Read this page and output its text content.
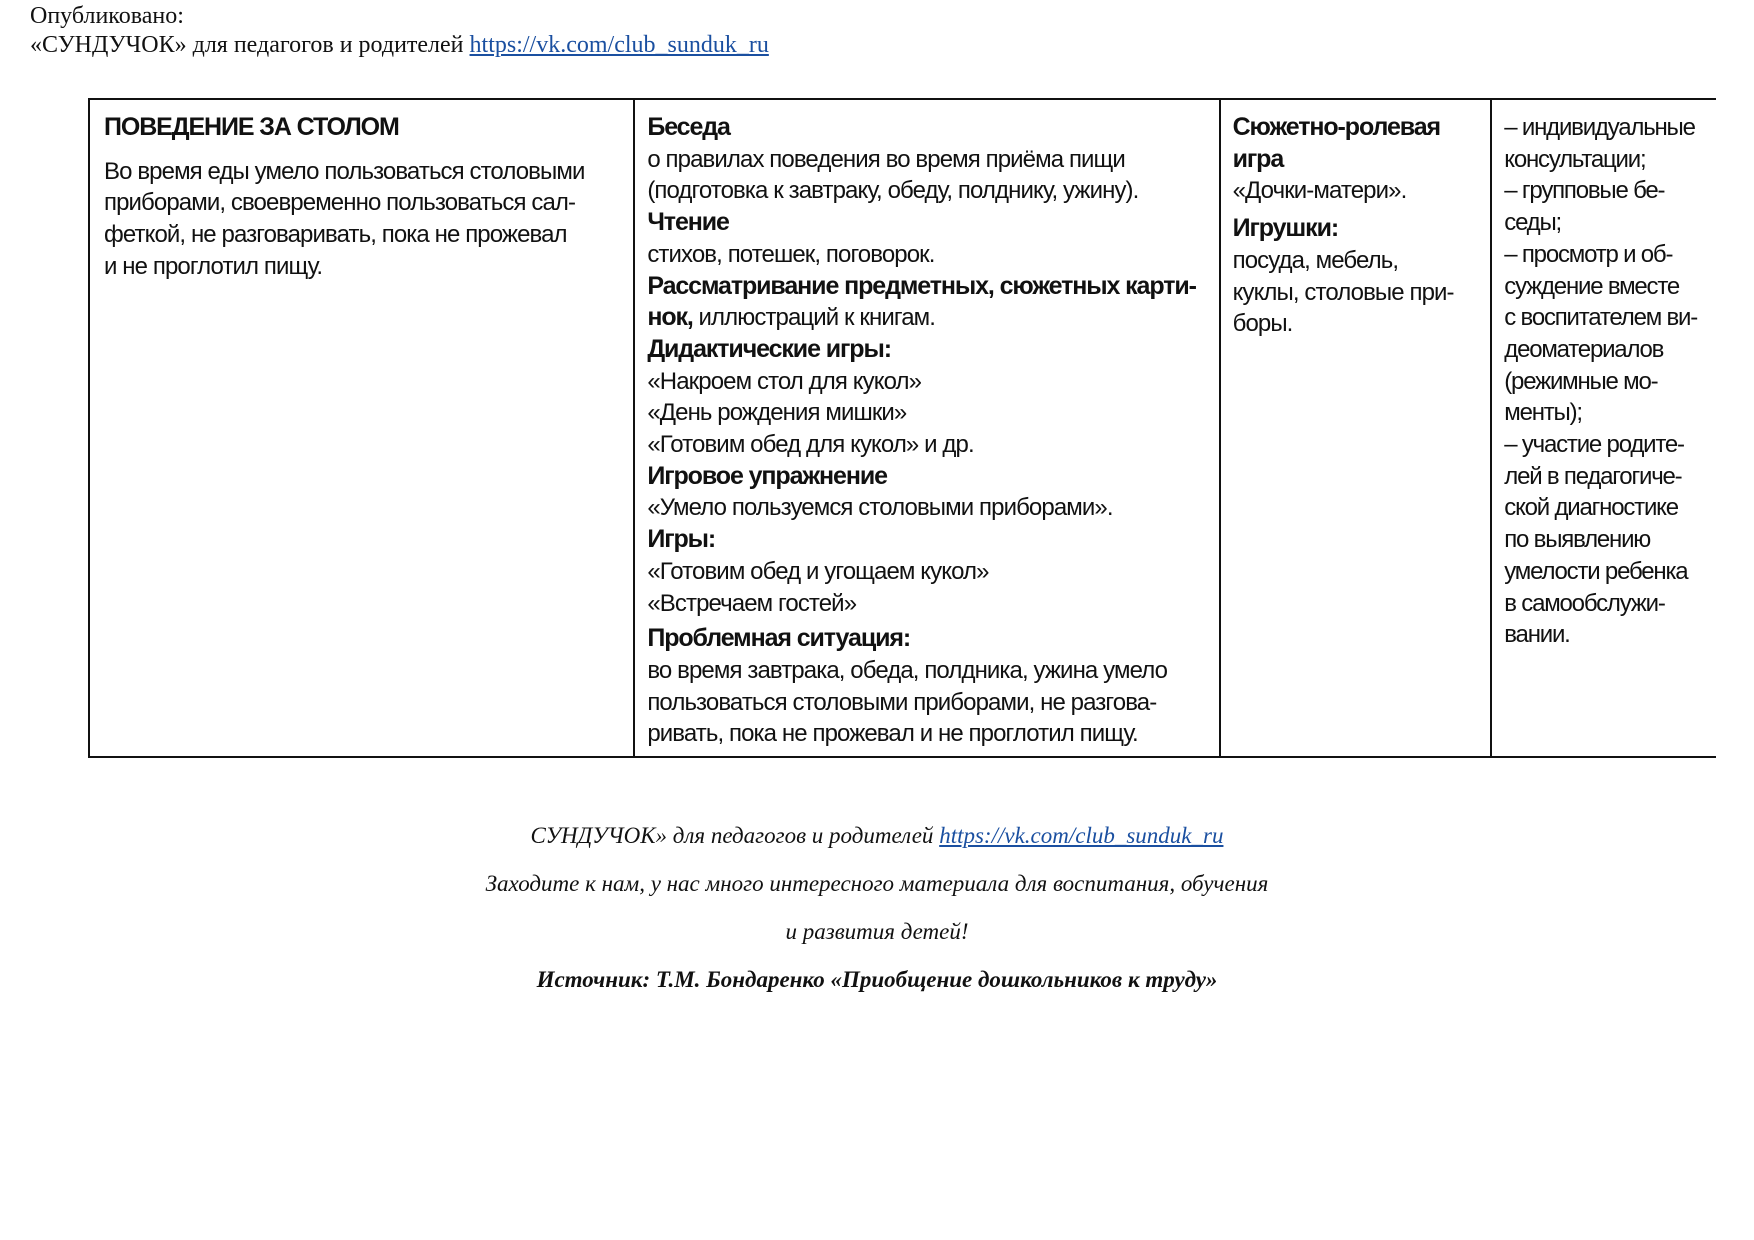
Опубликовано:
«СУНДУЧОК» для педагогов и родителей https://vk.com/club_sunduk_ru
ПОВЕДЕНИЕ ЗА СТОЛОМ
Во время еды умело пользоваться столовыми
приборами, своевременно пользоваться сал-
феткой, не разговаривать, пока не прожевал
и не проглотил пищу.
Беседа
о правилах поведения во время приёма пищи
(подготовка к завтраку, обеду, полднику, ужину).
Чтение
стихов, потешек, поговорок.
Рассматривание предметных, сюжетных карти-
нок, иллюстраций к книгам.
Дидактические игры:
«Накроем стол для кукол»
«День рождения мишки»
«Готовим обед для кукол» и др.
Игровое упражнение
«Умело пользуемся столовыми приборами».
Игры:
«Готовим обед и угощаем кукол»
«Встречаем гостей»
Проблемная ситуация:
во время завтрака, обеда, полдника, ужина умело
пользоваться столовыми приборами, не разгова-
ривать, пока не прожевал и не проглотил пищу.
Сюжетно-ролевая
игра
«Дочки-матери».
Игрушки:
посуда, мебель,
куклы, столовые при-
боры.
– индивидуальные
консультации;
– групповые бе-
седы;
– просмотр и об-
суждение вместе
с воспитателем ви-
деоматериалов
(режимные мо-
менты);
– участие родите-
лей в педагогиче-
ской диагностике
по выявлению
умелости ребенка
в самообслужи-
вании.

СУНДУЧОК» для педагогов и родителей https://vk.com/club_sunduk_ru

Заходите к нам, у нас много интересного материала для воспитания, обучения

и развития детей!

Источник: Т.М. Бондаренко «Приобщение дошкольников к труду»
